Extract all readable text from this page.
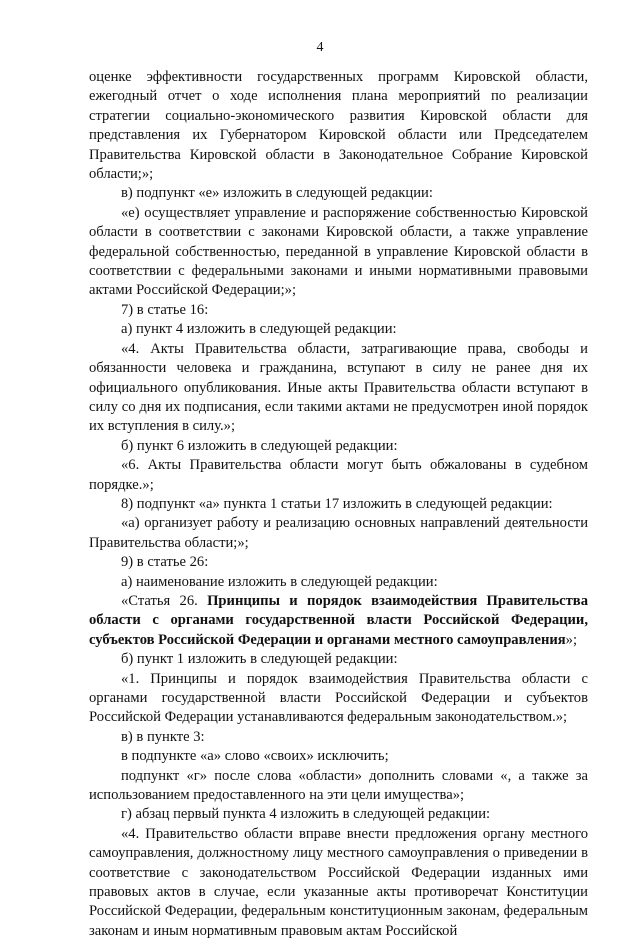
4

оценке эффективности государственных программ Кировской области, ежегодный отчет о ходе исполнения плана мероприятий по реализации стратегии социально-экономического развития Кировской области для представления их Губернатором Кировской области или Председателем Правительства Кировской области в Законодательное Собрание Кировской области;»;

в) подпункт «е» изложить в следующей редакции:

«е) осуществляет управление и распоряжение собственностью Кировской области в соответствии с законами Кировской области, а также управление федеральной собственностью, переданной в управление Кировской области в соответствии с федеральными законами и иными нормативными правовыми актами Российской Федерации;»;

7) в статье 16:

а) пункт 4 изложить в следующей редакции:

«4. Акты Правительства области, затрагивающие права, свободы и обязанности человека и гражданина, вступают в силу не ранее дня их официального опубликования. Иные акты Правительства области вступают в силу со дня их подписания, если такими актами не предусмотрен иной порядок их вступления в силу.»;

б) пункт 6 изложить в следующей редакции:

«6. Акты Правительства области могут быть обжалованы в судебном порядке.»;

8) подпункт «а» пункта 1 статьи 17 изложить в следующей редакции:

«а) организует работу и реализацию основных направлений деятельности Правительства области;»;

9) в статье 26:

а) наименование изложить в следующей редакции:

«Статья 26. Принципы и порядок взаимодействия Правительства области с органами государственной власти Российской Федерации, субъектов Российской Федерации и органами местного самоуправления»;

б) пункт 1 изложить в следующей редакции:

«1. Принципы и порядок взаимодействия Правительства области с органами государственной власти Российской Федерации и субъектов Российской Федерации устанавливаются федеральным законодательством.»;

в) в пункте 3:

в подпункте «а» слово «своих» исключить;

подпункт «г» после слова «области» дополнить словами «, а также за использованием предоставленного на эти цели имущества»;

г) абзац первый пункта 4 изложить в следующей редакции:

«4. Правительство области вправе внести предложения органу местного самоуправления, должностному лицу местного самоуправления о приведении в соответствие с законодательством Российской Федерации изданных ими правовых актов в случае, если указанные акты противоречат Конституции Российской Федерации, федеральным конституционным законам, федеральным законам и иным нормативным правовым актам Российской
